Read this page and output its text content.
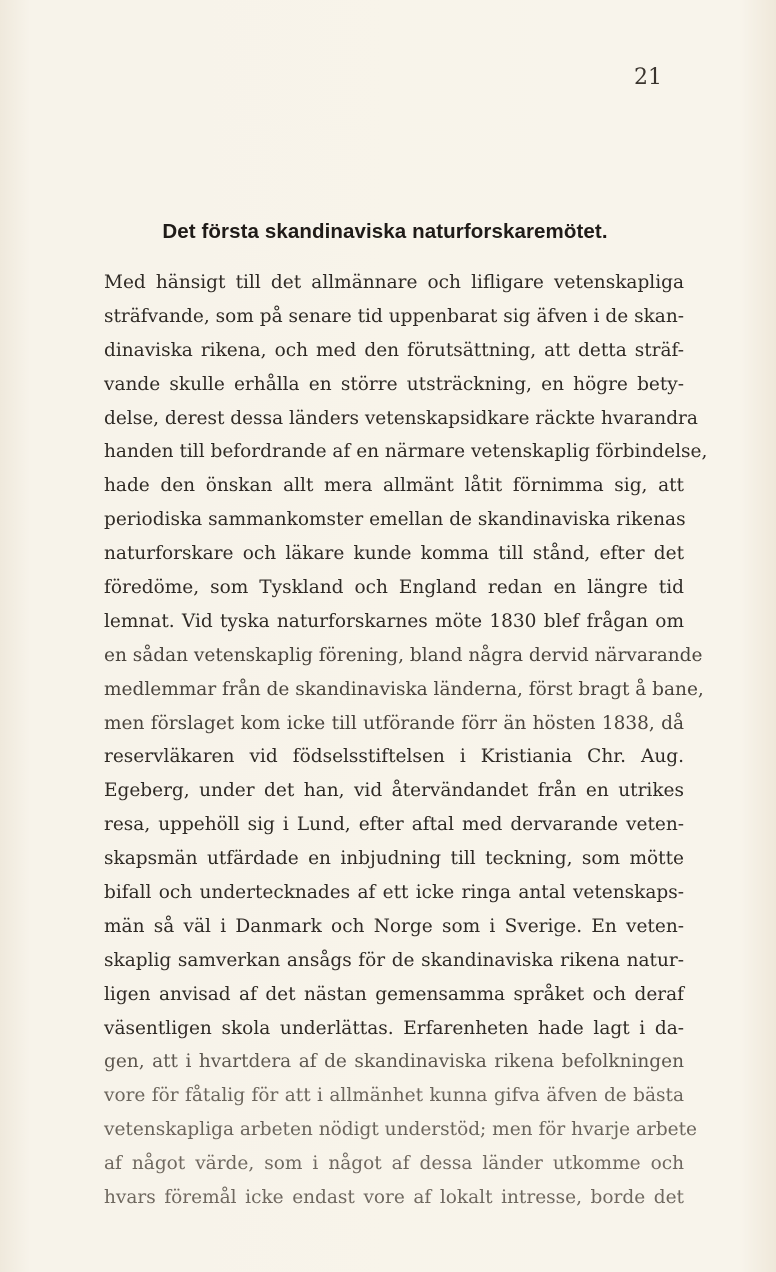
21
Det första skandinaviska naturforskaremötet.
Med hänsigt till det allmännare och lifligare vetenskapliga
sträfvande, som på senare tid uppenbarat sig äfven i de skan-
dinaviska rikena, och med den förutsättning, att detta sträf-
vande skulle erhålla en större utsträckning, en högre bety-
delse, derest dessa länders vetenskapsidkare räckte hvarandra
handen till befordrande af en närmare vetenskaplig förbindelse,
hade den önskan allt mera allmänt låtit förnimma sig, att
periodiska sammankomster emellan de skandinaviska rikenas
naturforskare och läkare kunde komma till stånd, efter det
föredöme, som Tyskland och England redan en längre tid
lemnat. Vid tyska naturforskarnes möte 1830 blef frågan om
en sådan vetenskaplig förening, bland några dervid närvarande
medlemmar från de skandinaviska länderna, först bragt å bane,
men förslaget kom icke till utförande förr än hösten 1838, då
reservläkaren vid födselsstiftelsen i Kristiania Chr. Aug.
Egeberg, under det han, vid återvändandet från en utrikes
resa, uppehöll sig i Lund, efter aftal med dervarande veten-
skapsmän utfärdade en inbjudning till teckning, som mötte
bifall och undertecknades af ett icke ringa antal vetenskaps-
män så väl i Danmark och Norge som i Sverige. En veten-
skaplig samverkan ansågs för de skandinaviska rikena natur-
ligen anvisad af det nästan gemensamma språket och deraf
väsentligen skola underlättas. Erfarenheten hade lagt i da-
gen, att i hvartdera af de skandinaviska rikena befolkningen
vore för fåtalig för att i allmänhet kunna gifva äfven de bästa
vetenskapliga arbeten nödigt understöd; men för hvarje arbete
af något värde, som i något af dessa länder utkomme och
hvars föremål icke endast vore af lokalt intresse, borde det
